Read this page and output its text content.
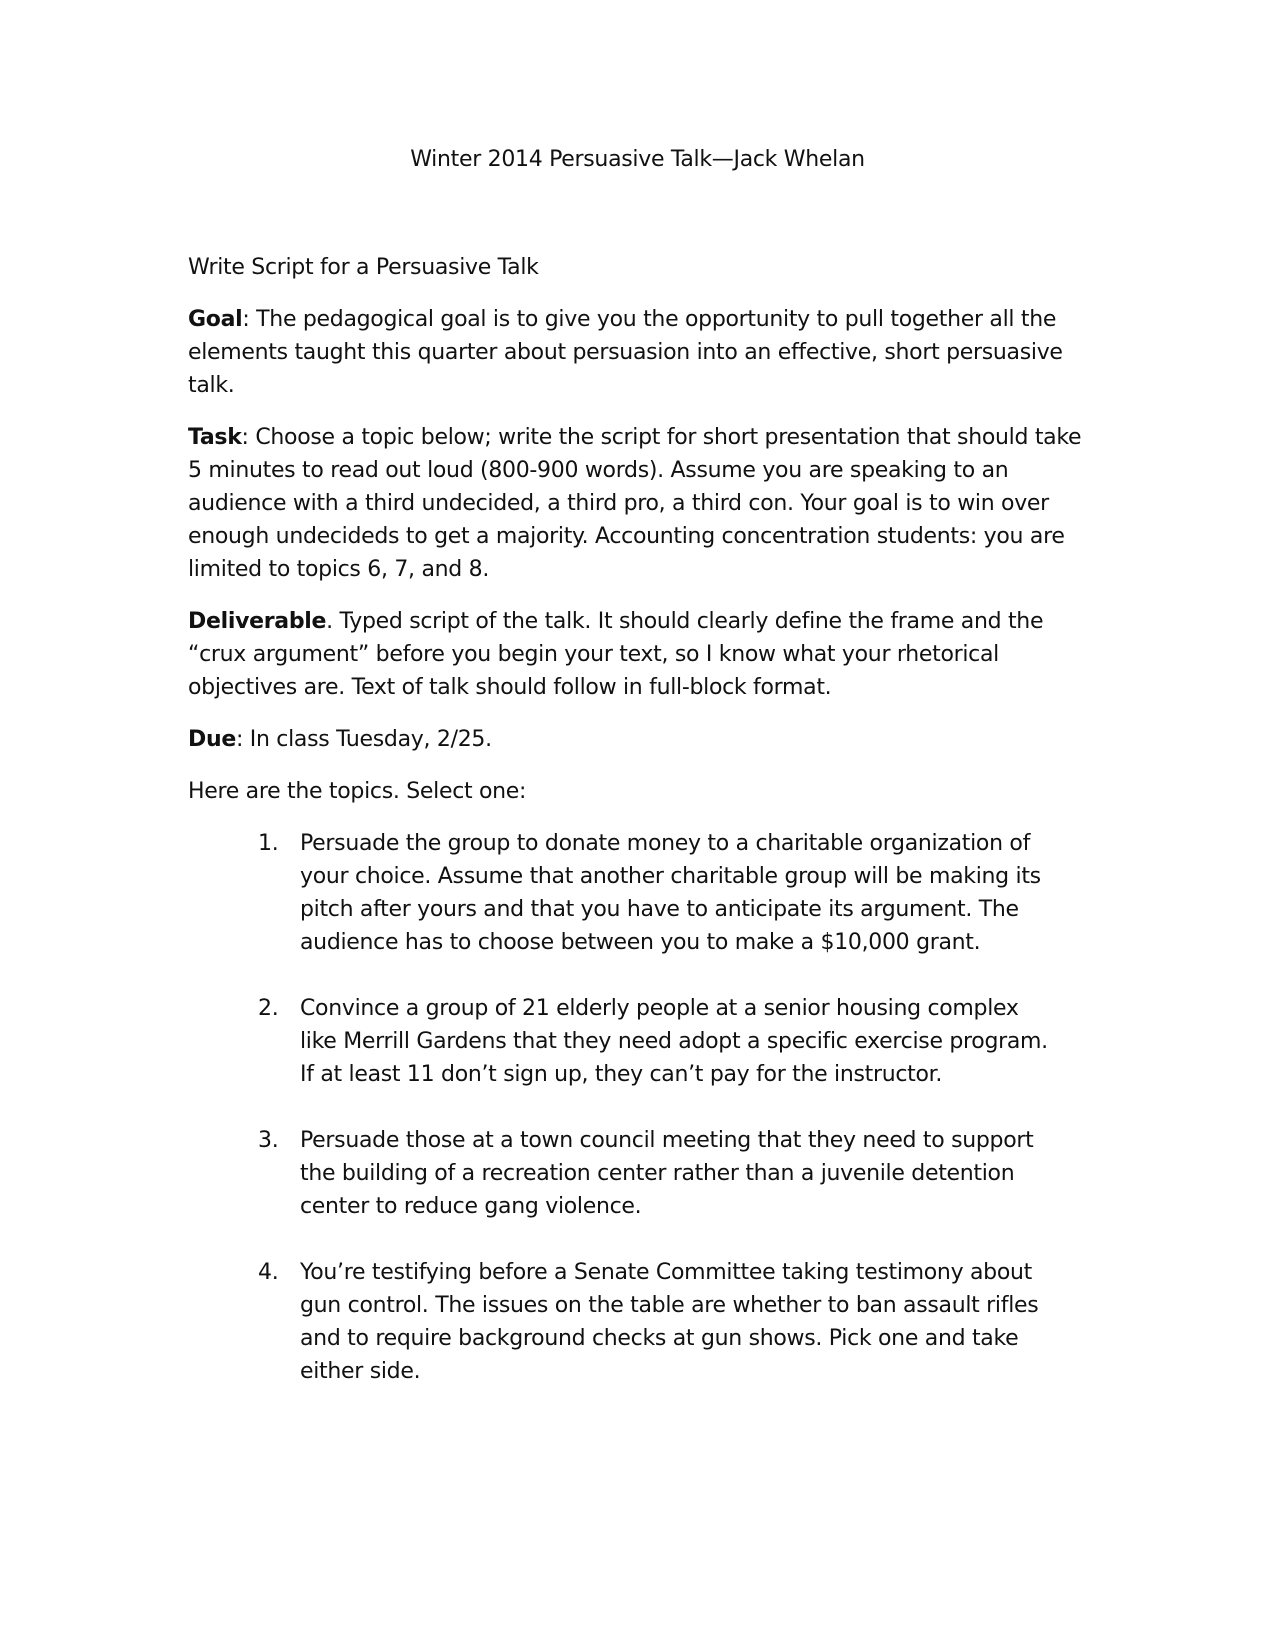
Winter 2014 Persuasive Talk—Jack Whelan

Write Script for a Persuasive Talk

Goal: The pedagogical goal is to give you the opportunity to pull together all the elements taught this quarter about persuasion into an effective, short persuasive talk.

Task: Choose a topic below; write the script for short presentation that should take 5 minutes to read out loud (800-900 words). Assume you are speaking to an audience with a third undecided, a third pro, a third con. Your goal is to win over enough undecideds to get a majority. Accounting concentration students: you are limited to topics 6, 7, and 8.

Deliverable. Typed script of the talk. It should clearly define the frame and the “crux argument” before you begin your text, so I know what your rhetorical objectives are. Text of talk should follow in full-block format.

Due: In class Tuesday, 2/25.

Here are the topics. Select one:

1. Persuade the group to donate money to a charitable organization of your choice. Assume that another charitable group will be making its pitch after yours and that you have to anticipate its argument. The audience has to choose between you to make a $10,000 grant.
2. Convince a group of 21 elderly people at a senior housing complex like Merrill Gardens that they need adopt a specific exercise program. If at least 11 don’t sign up, they can’t pay for the instructor.
3. Persuade those at a town council meeting that they need to support the building of a recreation center rather than a juvenile detention center to reduce gang violence.
4. You’re testifying before a Senate Committee taking testimony about gun control. The issues on the table are whether to ban assault rifles and to require background checks at gun shows. Pick one and take either side.
